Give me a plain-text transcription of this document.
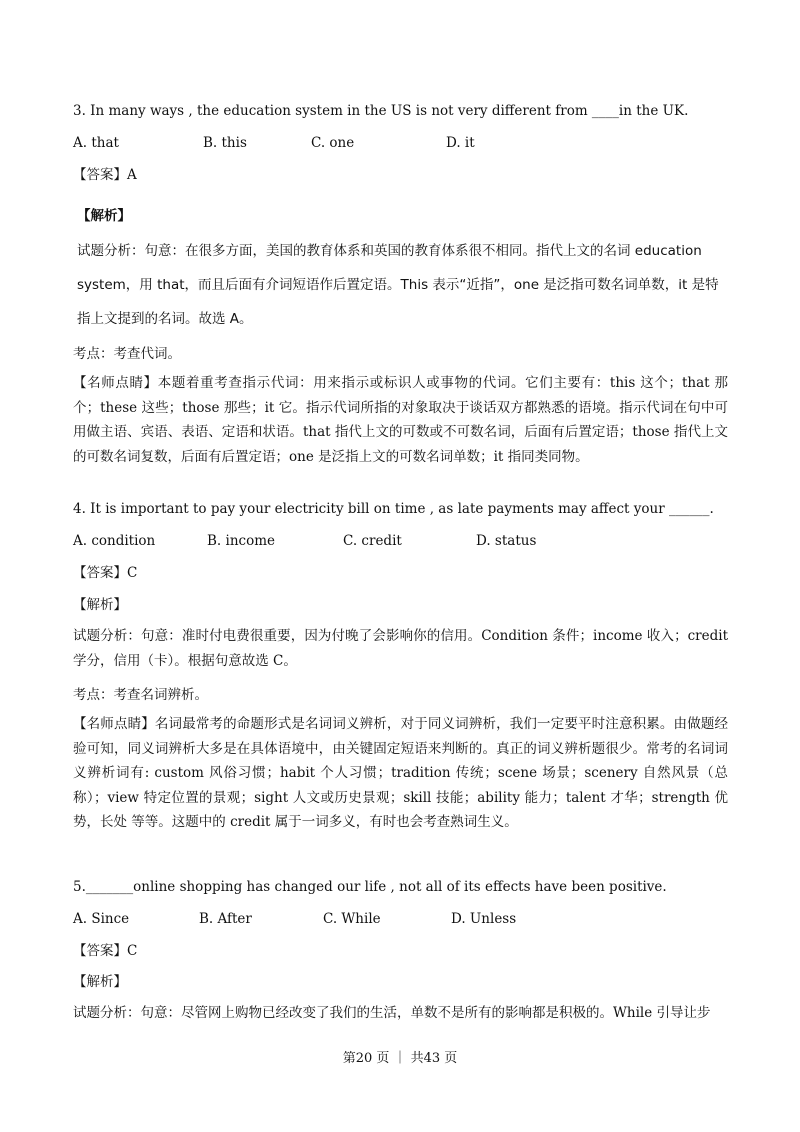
3. In many ways , the education system in the US is not very different from ____in the UK.
A. that	B. this	C. one	D. it
【答案】A
【解析】
试题分析：句意：在很多方面，美国的教育体系和英国的教育体系很不相同。指代上文的名词 education system，用 that，而且后面有介词短语作后置定语。This 表示“近指”，one 是泛指可数名词单数，it 是特指上文提到的名词。故选 A。
考点：考查代词。
【名师点睛】本题着重考查指示代词：用来指示或标识人或事物的代词。它们主要有：this 这个；that 那个；these 这些；those 那些；it 它。指示代词所指的对象取决于谈话双方都熟悉的语境。指示代词在句中可用做主语、宾语、表语、定语和状语。that 指代上文的可数或不可数名词，后面有后置定语；those 指代上文的可数名词复数，后面有后置定语；one 是泛指上文的可数名词单数；it 指同类同物。
4. It is important to pay your electricity bill on time , as late payments may affect your ______.
A. condition	B. income	C. credit	D. status
【答案】C
【解析】
试题分析：句意：准时付电费很重要，因为付晚了会影响你的信用。Condition 条件；income 收入；credit 学分，信用（卡）。根据句意故选 C。
考点：考查名词辨析。
【名师点睛】名词最常考的命题形式是名词词义辨析，对于同义词辨析，我们一定要平时注意积累。由做题经验可知，同义词辨析大多是在具体语境中，由关键固定短语来判断的。真正的词义辨析题很少。常考的名词词义辨析词有: custom 风俗习惯；habit 个人习惯；tradition 传统；scene 场景；scenery 自然风景（总称）；view 特定位置的景观；sight 人文或历史景观；skill 技能；ability 能力；talent 才华；strength 优势，长处 等等。这题中的 credit 属于一词多义，有时也会考查熟词生义。
5._______online shopping has changed our life , not all of its effects have been positive.
A. Since	B. After	C. While	D. Unless
【答案】C
【解析】
试题分析：句意：尽管网上购物已经改变了我们的生活，单数不是所有的影响都是积极的。While 引导让步
第20 页 ｜ 共43 页
